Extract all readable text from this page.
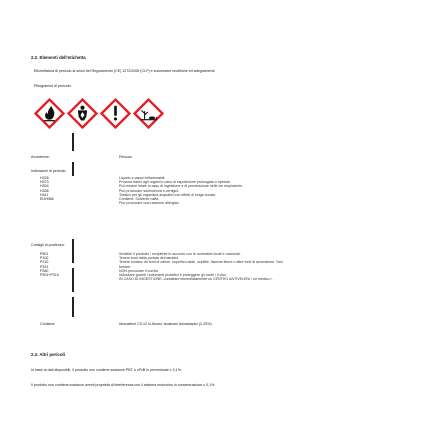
2.2. Elementi dell'etichetta
Etichettatura di pericolo ai sensi del Regolamento (CE) 1272/2008 (CLP) e successive modifiche ed adeguamenti.
Pittogrammi di pericolo:
Avvertenze:	Pericolo
Indicazioni di pericolo:
H226
H373
H304
H336
H411
EUH066
Liquido e vapori infiammabili.
Provoca danni agli organi in caso di esposizione prolungata o ripetuta.
Può essere letale in caso di ingestione e di penetrazione nelle vie respiratorie.
Può provocare sonnolenza o vertigini.
Tossico per gli organismi acquatici con effetti di lunga durata.
Contiene: Solvente nafta
Può provocare una reazione allergica.
Consigli di prudenza:
P501
P102
P210
P331
P280
P301+P310
Smaltire il prodotto / recipiente in accordo con le normative locali e nazionali.
Tenere fuori dalla portata dei bambini.
Tenere lontano da fonti di calore, superfici calde, scintille, fiamme libere o altre fonti di accensione. Non
fumare.
NON provocare il vomito.
Indossare guanti / indumenti protettivi e proteggere gli occhi / il viso.
IN CASO DI INGESTIONE: contattare immediatamente un CENTRO ANTIVELENI / un medico /.
Contiene:	Idrocarburi C9-12 N-Alcani, Isoalcani cicloalcanici (2-25%)
2.3. Altri pericoli
In base ai dati disponibili, il prodotto non contiene sostanze PBT o vPvB in percentuale ≥ 0,1%.
Il prodotto non contiene sostanze aventi proprietà di interferenza con il sistema endocrino in concentrazione ≥ 0,1%.
